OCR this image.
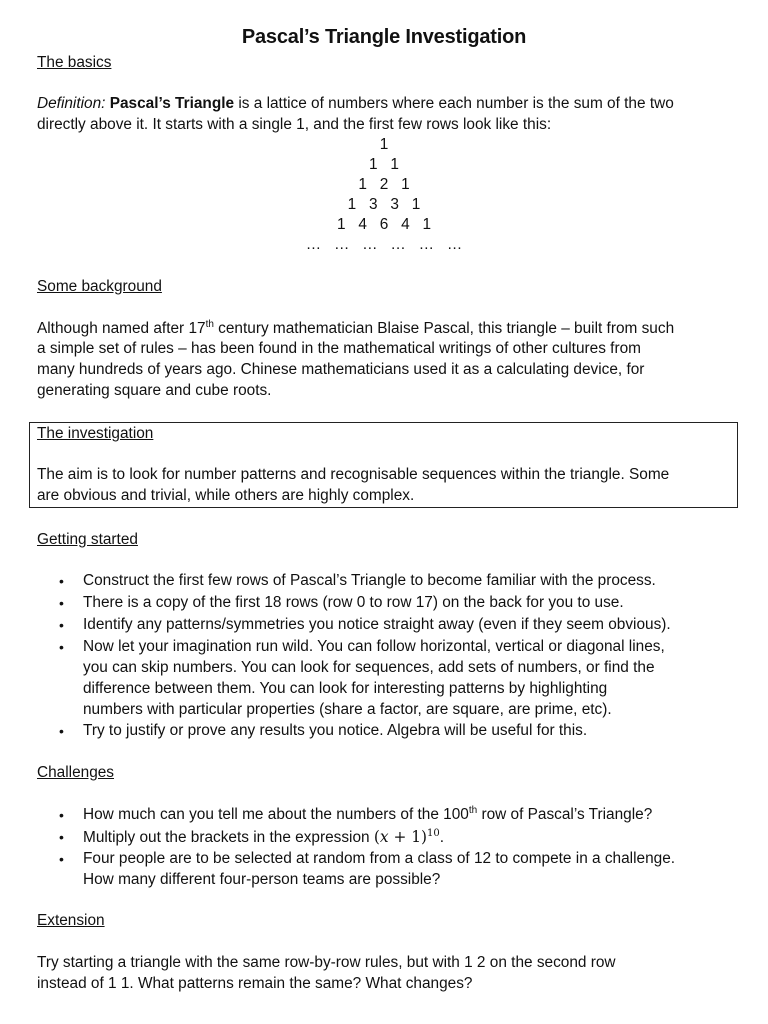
Pascal’s Triangle Investigation
The basics
Definition: Pascal’s Triangle is a lattice of numbers where each number is the sum of the two
directly above it. It starts with a single 1, and the first few rows look like this:
1
1   1
1   2   1
1   3   3   1
1   4   6   4   1
…   …   …   …   …   …
Some background
Although named after 17th century mathematician Blaise Pascal, this triangle – built from such
a simple set of rules – has been found in the mathematical writings of other cultures from
many hundreds of years ago. Chinese mathematicians used it as a calculating device, for
generating square and cube roots.
The investigation
The aim is to look for number patterns and recognisable sequences within the triangle. Some
are obvious and trivial, while others are highly complex.
Getting started
• Construct the first few rows of Pascal’s Triangle to become familiar with the process.
• There is a copy of the first 18 rows (row 0 to row 17) on the back for you to use.
• Identify any patterns/symmetries you notice straight away (even if they seem obvious).
• Now let your imagination run wild. You can follow horizontal, vertical or diagonal lines,
you can skip numbers. You can look for sequences, add sets of numbers, or find the
difference between them. You can look for interesting patterns by highlighting
numbers with particular properties (share a factor, are square, are prime, etc).
• Try to justify or prove any results you notice. Algebra will be useful for this.
Challenges
• How much can you tell me about the numbers of the 100th row of Pascal’s Triangle?
• Multiply out the brackets in the expression $(x + 1)^{10}$.
• Four people are to be selected at random from a class of 12 to compete in a challenge.
How many different four-person teams are possible?
Extension
Try starting a triangle with the same row-by-row rules, but with 1 2 on the second row
instead of 1 1. What patterns remain the same? What changes?
